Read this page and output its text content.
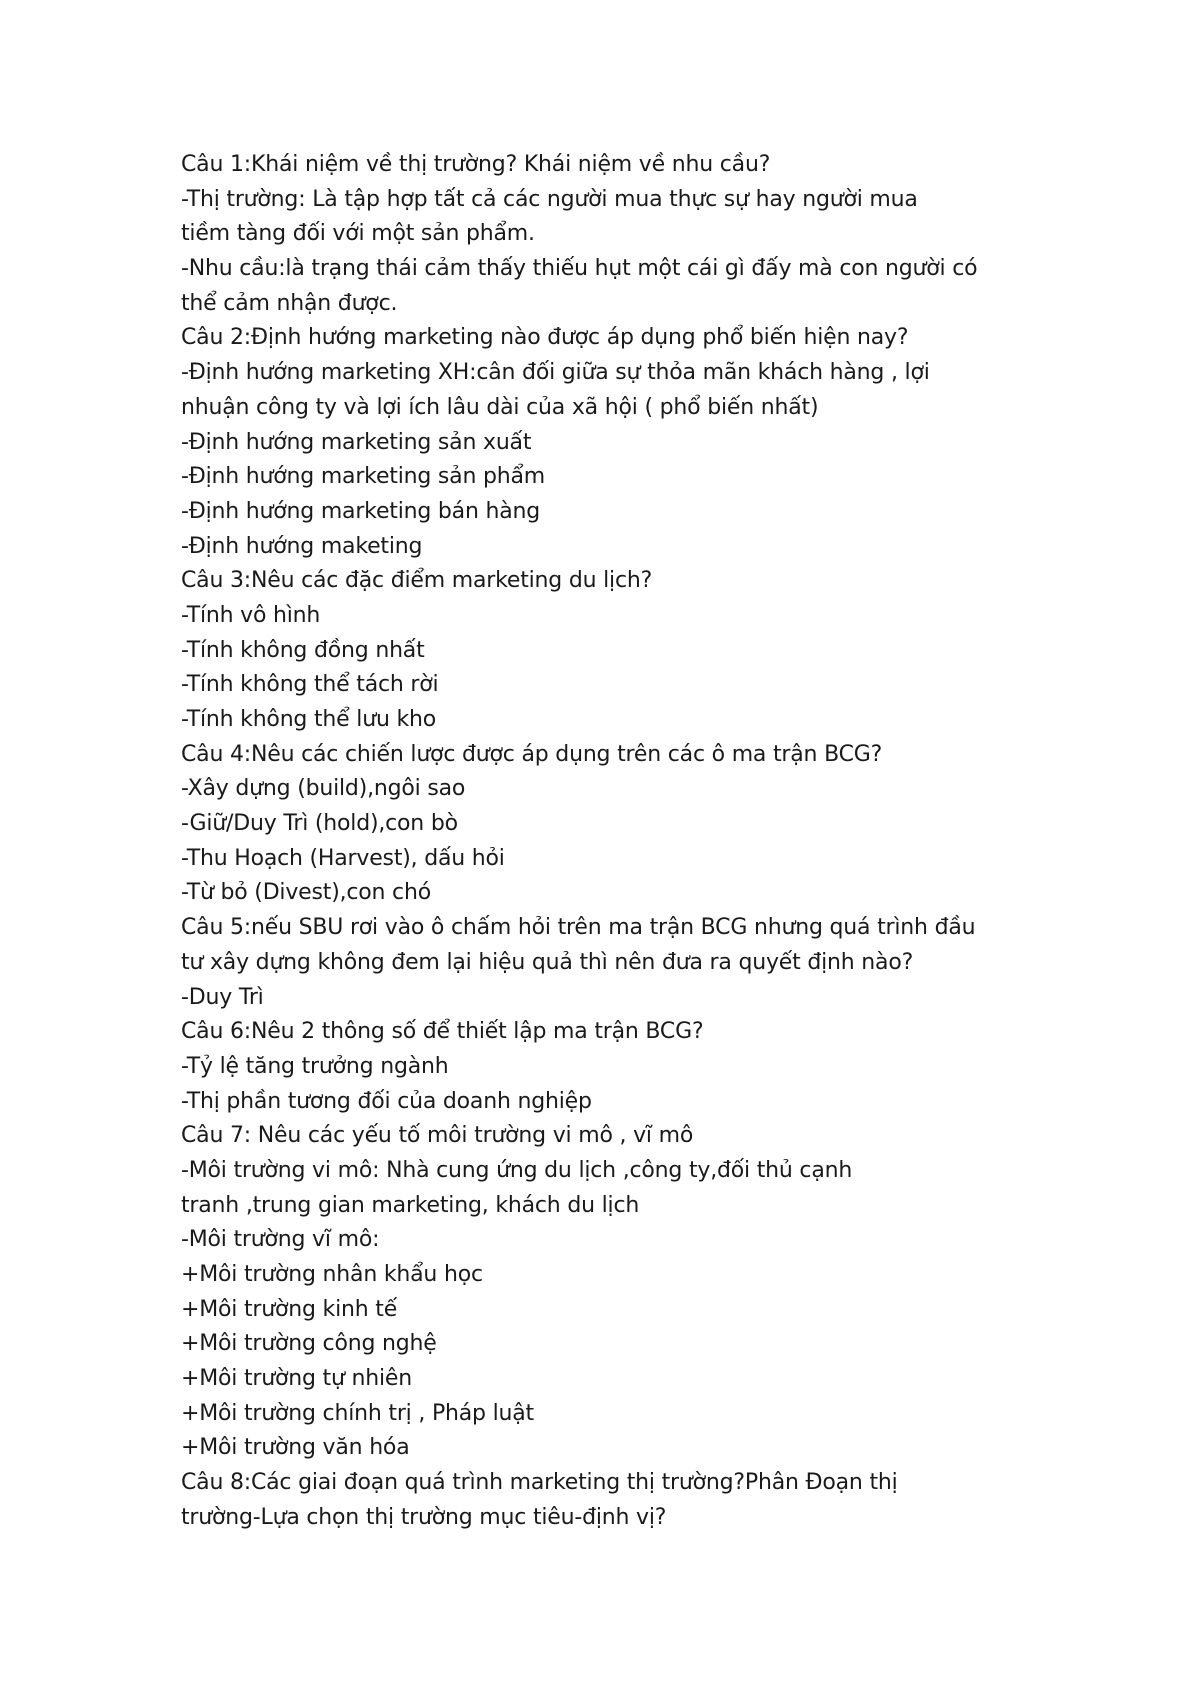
Câu 1:Khái niệm về thị trường? Khái niệm về nhu cầu?
-Thị trường: Là tập hợp tất cả các người mua thực sự hay người mua
tiềm tàng đối với một sản phẩm.
-Nhu cầu:là trạng thái cảm thấy thiếu hụt một cái gì đấy mà con người có
thể cảm nhận được.
Câu 2:Định hướng marketing nào được áp dụng phổ biến hiện nay?
-Định hướng marketing XH:cân đối giữa sự thỏa mãn khách hàng , lợi
nhuận công ty và lợi ích lâu dài của xã hội ( phổ biến nhất)
-Định hướng marketing sản xuất
-Định hướng marketing sản phẩm
-Định hướng marketing bán hàng
-Định hướng maketing
Câu 3:Nêu các đặc điểm marketing du lịch?
-Tính vô hình
-Tính không đồng nhất
-Tính không thể tách rời
-Tính không thể lưu kho
Câu 4:Nêu các chiến lược được áp dụng trên các ô ma trận BCG?
-Xây dựng (build),ngôi sao
-Giữ/Duy Trì (hold),con bò
-Thu Hoạch (Harvest), dấu hỏi
-Từ bỏ (Divest),con chó
Câu 5:nếu SBU rơi vào ô chấm hỏi trên ma trận BCG nhưng quá trình đầu
tư xây dựng không đem lại hiệu quả thì nên đưa ra quyết định nào?
-Duy Trì
Câu 6:Nêu 2 thông số để thiết lập ma trận BCG?
-Tỷ lệ tăng trưởng ngành
-Thị phần tương đối của doanh nghiệp
Câu 7: Nêu các yếu tố môi trường vi mô , vĩ mô
-Môi trường vi mô: Nhà cung ứng du lịch ,công ty,đối thủ cạnh
tranh ,trung gian marketing, khách du lịch
-Môi trường vĩ mô:
+Môi trường nhân khẩu học
+Môi trường kinh tế
+Môi trường công nghệ
+Môi trường tự nhiên
+Môi trường chính trị , Pháp luật
+Môi trường văn hóa
Câu 8:Các giai đoạn quá trình marketing thị trường?Phân Đoạn thị
trường-Lựa chọn thị trường mục tiêu-định vị?
